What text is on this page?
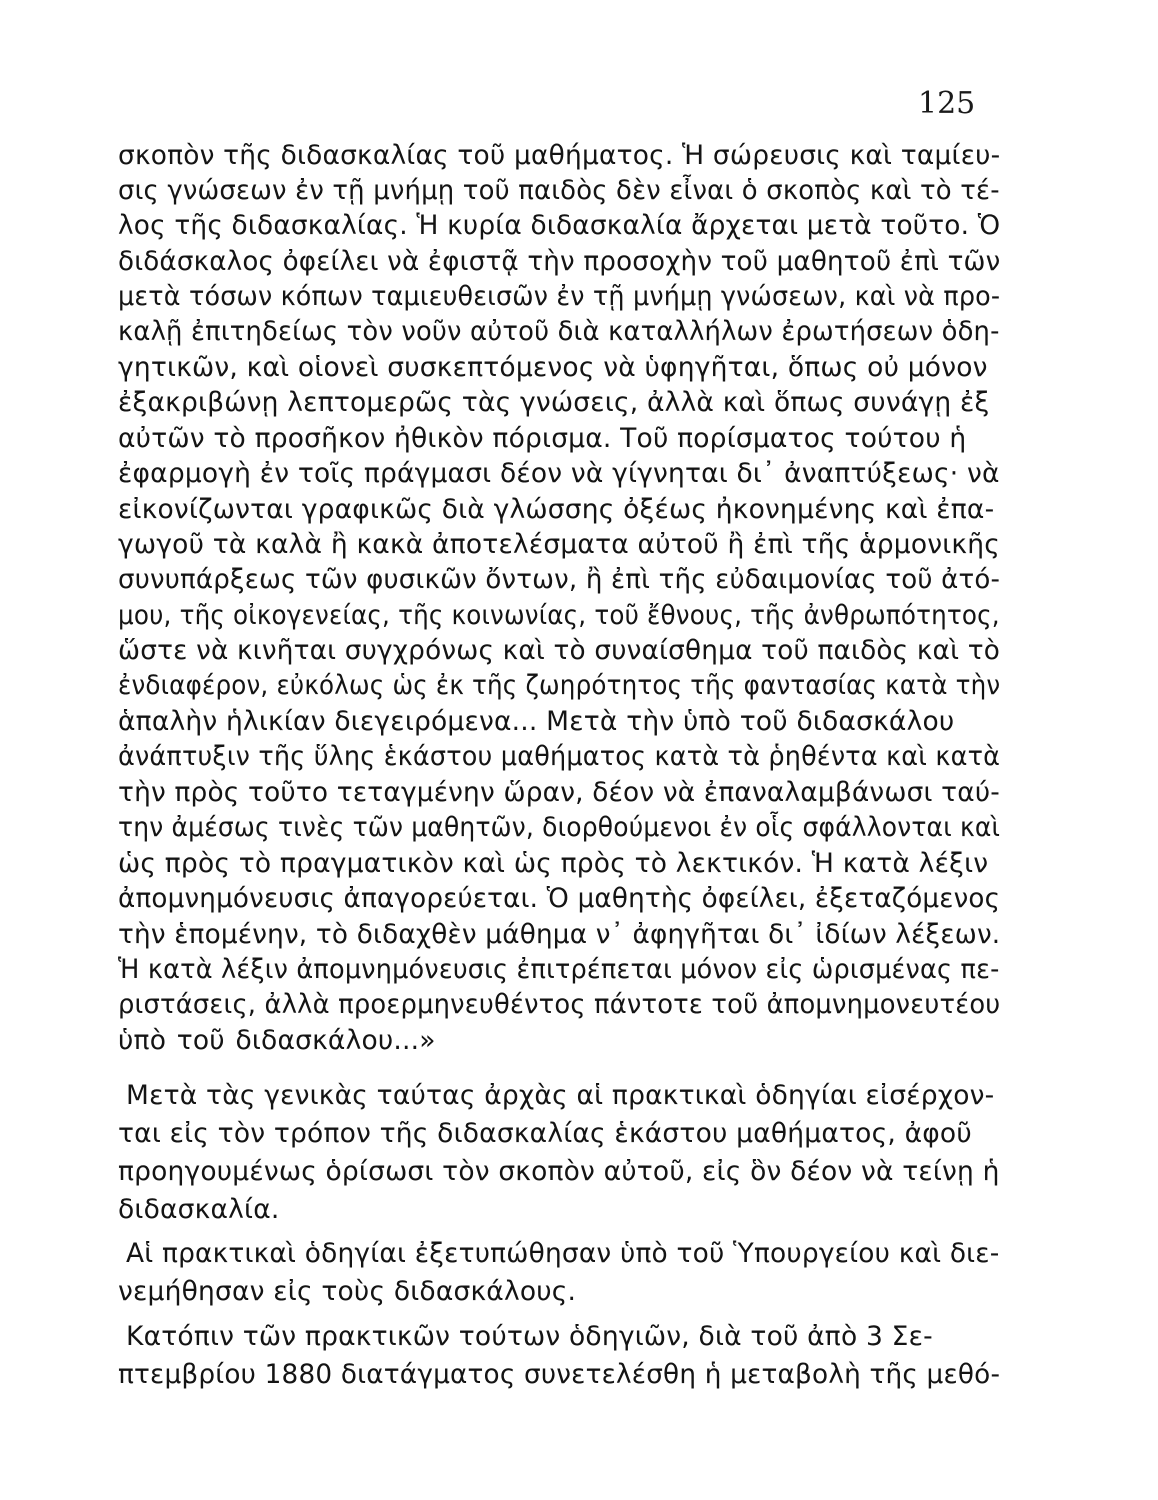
125
σκοπὸν τῆς διδασκαλίας τοῦ μαθήματος. Ἡ σώρευσις καὶ ταμίευ-
σις γνώσεων ἐν τῇ μνήμῃ τοῦ παιδὸς δὲν εἶναι ὁ σκοπὸς καὶ τὸ τέ-
λος τῆς διδασκαλίας. Ἡ κυρία διδασκαλία ἄρχεται μετὰ τοῦτο. Ὁ
διδάσκαλος ὀφείλει νὰ ἐφιστᾷ τὴν προσοχὴν τοῦ μαθητοῦ ἐπὶ τῶν
μετὰ τόσων κόπων ταμιευθεισῶν ἐν τῇ μνήμῃ γνώσεων, καὶ νὰ προ-
καλῇ ἐπιτηδείως τὸν νοῦν αὐτοῦ διὰ καταλλήλων ἐρωτήσεων ὁδη-
γητικῶν, καὶ οἱονεὶ συσκεπτόμενος νὰ ὑφηγῆται, ὅπως οὐ μόνον
ἐξακριβώνῃ λεπτομερῶς τὰς γνώσεις, ἀλλὰ καὶ ὅπως συνάγῃ ἐξ
αὐτῶν τὸ προσῆκον ἠθικὸν πόρισμα. Τοῦ πορίσματος τούτου ἡ
ἐφαρμογὴ ἐν τοῖς πράγμασι δέον νὰ γίγνηται δι᾽ ἀναπτύξεως· νὰ
εἰκονίζωνται γραφικῶς διὰ γλώσσης ὀξέως ἠκονημένης καὶ ἐπα-
γωγοῦ τὰ καλὰ ἢ κακὰ ἀποτελέσματα αὐτοῦ ἢ ἐπὶ τῆς ἁρμονικῆς
συνυπάρξεως τῶν φυσικῶν ὄντων, ἢ ἐπὶ τῆς εὐδαιμονίας τοῦ ἀτό-
μου, τῆς οἰκογενείας, τῆς κοινωνίας, τοῦ ἔθνους, τῆς ἀνθρωπότητος,
ὥστε νὰ κινῆται συγχρόνως καὶ τὸ συναίσθημα τοῦ παιδὸς καὶ τὸ
ἐνδιαφέρον, εὐκόλως ὡς ἐκ τῆς ζωηρότητος τῆς φαντασίας κατὰ τὴν
ἁπαλὴν ἡλικίαν διεγειρόμενα... Μετὰ τὴν ὑπὸ τοῦ διδασκάλου
ἀνάπτυξιν τῆς ὕλης ἑκάστου μαθήματος κατὰ τὰ ῥηθέντα καὶ κατὰ
τὴν πρὸς τοῦτο τεταγμένην ὥραν, δέον νὰ ἐπαναλαμβάνωσι ταύ-
την ἀμέσως τινὲς τῶν μαθητῶν, διορθούμενοι ἐν οἷς σφάλλονται καὶ
ὡς πρὸς τὸ πραγματικὸν καὶ ὡς πρὸς τὸ λεκτικόν. Ἡ κατὰ λέξιν
ἀπομνημόνευσις ἀπαγορεύεται. Ὁ μαθητὴς ὀφείλει, ἐξεταζόμενος
τὴν ἑπομένην, τὸ διδαχθὲν μάθημα ν᾽ ἀφηγῆται δι᾽ ἰδίων λέξεων.
Ἡ κατὰ λέξιν ἀπομνημόνευσις ἐπιτρέπεται μόνον εἰς ὡρισμένας πε-
ριστάσεις, ἀλλὰ προερμηνευθέντος πάντοτε τοῦ ἀπομνημονευτέου
ὑπὸ τοῦ διδασκάλου...»
Μετὰ τὰς γενικὰς ταύτας ἀρχὰς αἱ πρακτικαὶ ὁδηγίαι εἰσέρχον-
ται εἰς τὸν τρόπον τῆς διδασκαλίας ἑκάστου μαθήματος, ἀφοῦ
προηγουμένως ὁρίσωσι τὸν σκοπὸν αὐτοῦ, εἰς ὃν δέον νὰ τείνῃ ἡ
διδασκαλία.
Αἱ πρακτικαὶ ὁδηγίαι ἐξετυπώθησαν ὑπὸ τοῦ Ὑπουργείου καὶ διε-
νεμήθησαν εἰς τοὺς διδασκάλους.
Κατόπιν τῶν πρακτικῶν τούτων ὁδηγιῶν, διὰ τοῦ ἀπὸ 3 Σε-
πτεμβρίου 1880 διατάγματος συνετελέσθη ἡ μεταβολὴ τῆς μεθό-
